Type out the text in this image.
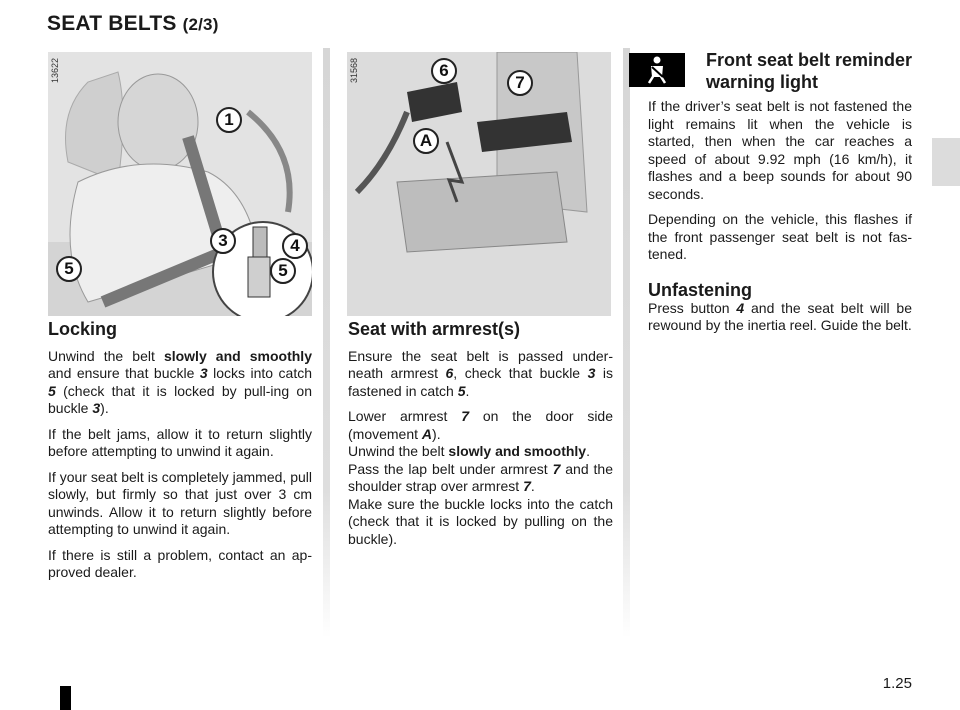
SEAT BELTS (2/3)
13622
1
3	4
5	5
31568	6
7
A
Locking

Unwind the belt slowly and smoothly and ensure that buckle 3 locks into catch 5 (check that it is locked by pull-ing on buckle 3).

If the belt jams, allow it to return slightly before attempting to unwind it again.

If your seat belt is completely jammed, pull slowly, but firmly so that just over 3 cm unwinds. Allow it to return slightly before attempting to unwind it again.

If there is still a problem, contact an ap-proved dealer.

Seat with armrest(s)

Ensure the seat belt is passed under-neath armrest 6, check that buckle 3 is fastened in catch 5.

Lower armrest 7 on the door side (movement A).

Unwind the belt slowly and smoothly.

Pass the lap belt under armrest 7 and the shoulder strap over armrest 7.

Make sure the buckle locks into the catch (check that it is locked by pulling on the buckle).

Front seat belt reminder warning light

If the driver’s seat belt is not fastened the light remains lit when the vehicle is started, then when the car reaches a speed of about 9.92 mph (16 km/h), it flashes and a beep sounds for about 90 seconds.

Depending on the vehicle, this flashes if the front passenger seat belt is not fas-tened.

Unfastening

Press button 4 and the seat belt will be rewound by the inertia reel. Guide the belt.

1.25
